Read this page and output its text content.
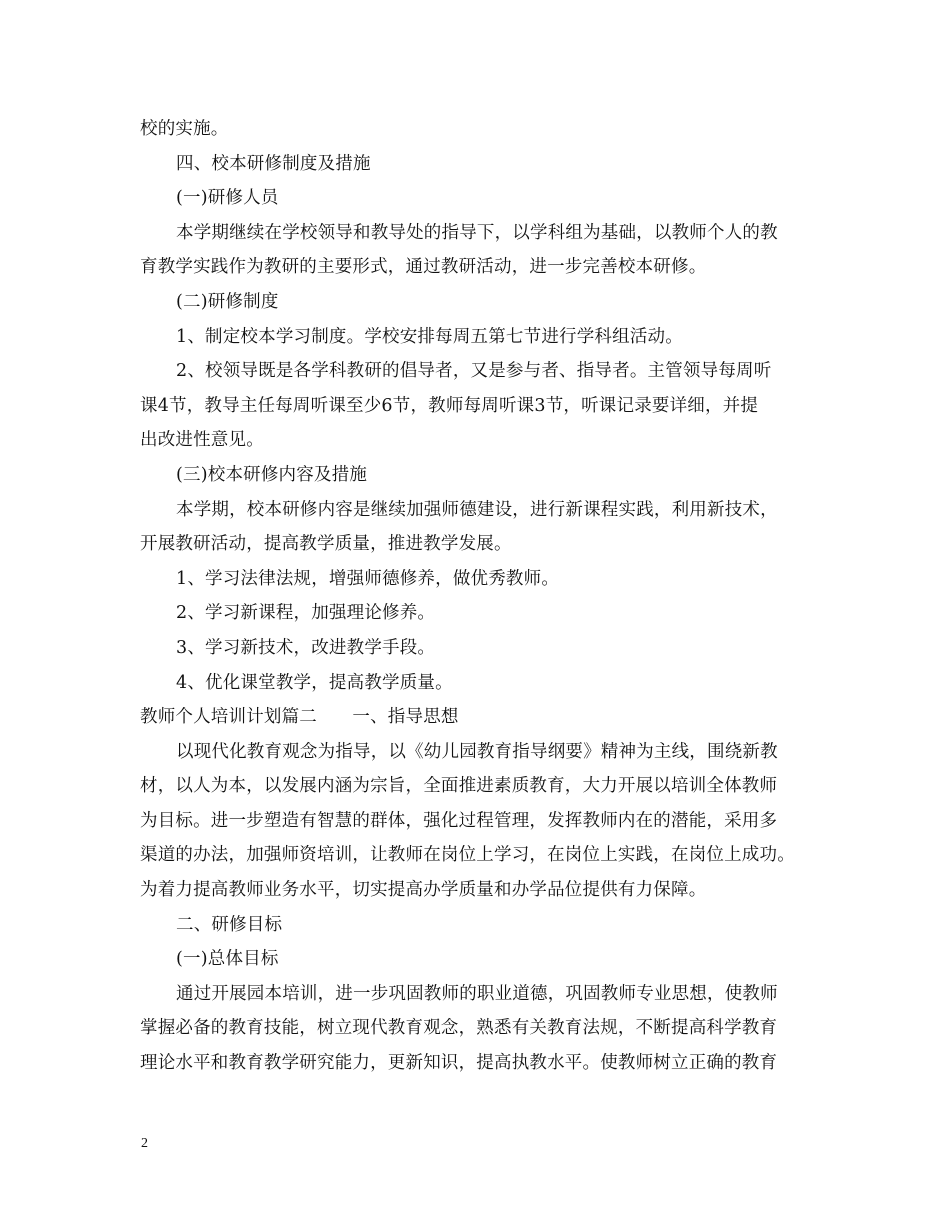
校的实施。
四、校本研修制度及措施
(一)研修人员
本学期继续在学校领导和教导处的指导下，以学科组为基础，以教师个人的教
育教学实践作为教研的主要形式，通过教研活动，进一步完善校本研修。
(二)研修制度
1、制定校本学习制度。学校安排每周五第七节进行学科组活动。
2、校领导既是各学科教研的倡导者，又是参与者、指导者。主管领导每周听
课4节，教导主任每周听课至少6节，教师每周听课3节，听课记录要详细，并提
出改进性意见。
(三)校本研修内容及措施
本学期，校本研修内容是继续加强师德建设，进行新课程实践，利用新技术，
开展教研活动，提高教学质量，推进教学发展。
1、学习法律法规，增强师德修养，做优秀教师。
2、学习新课程，加强理论修养。
3、学习新技术，改进教学手段。
4、优化课堂教学，提高教学质量。
教师个人培训计划篇二　　一、指导思想
以现代化教育观念为指导，以《幼儿园教育指导纲要》精神为主线，围绕新教
材，以人为本，以发展内涵为宗旨，全面推进素质教育，大力开展以培训全体教师
为目标。进一步塑造有智慧的群体，强化过程管理，发挥教师内在的潜能，采用多
渠道的办法，加强师资培训，让教师在岗位上学习，在岗位上实践，在岗位上成功。
为着力提高教师业务水平，切实提高办学质量和办学品位提供有力保障。
二、研修目标
(一)总体目标
通过开展园本培训，进一步巩固教师的职业道德，巩固教师专业思想，使教师
掌握必备的教育技能，树立现代教育观念，熟悉有关教育法规，不断提高科学教育
理论水平和教育教学研究能力，更新知识，提高执教水平。使教师树立正确的教育
2
